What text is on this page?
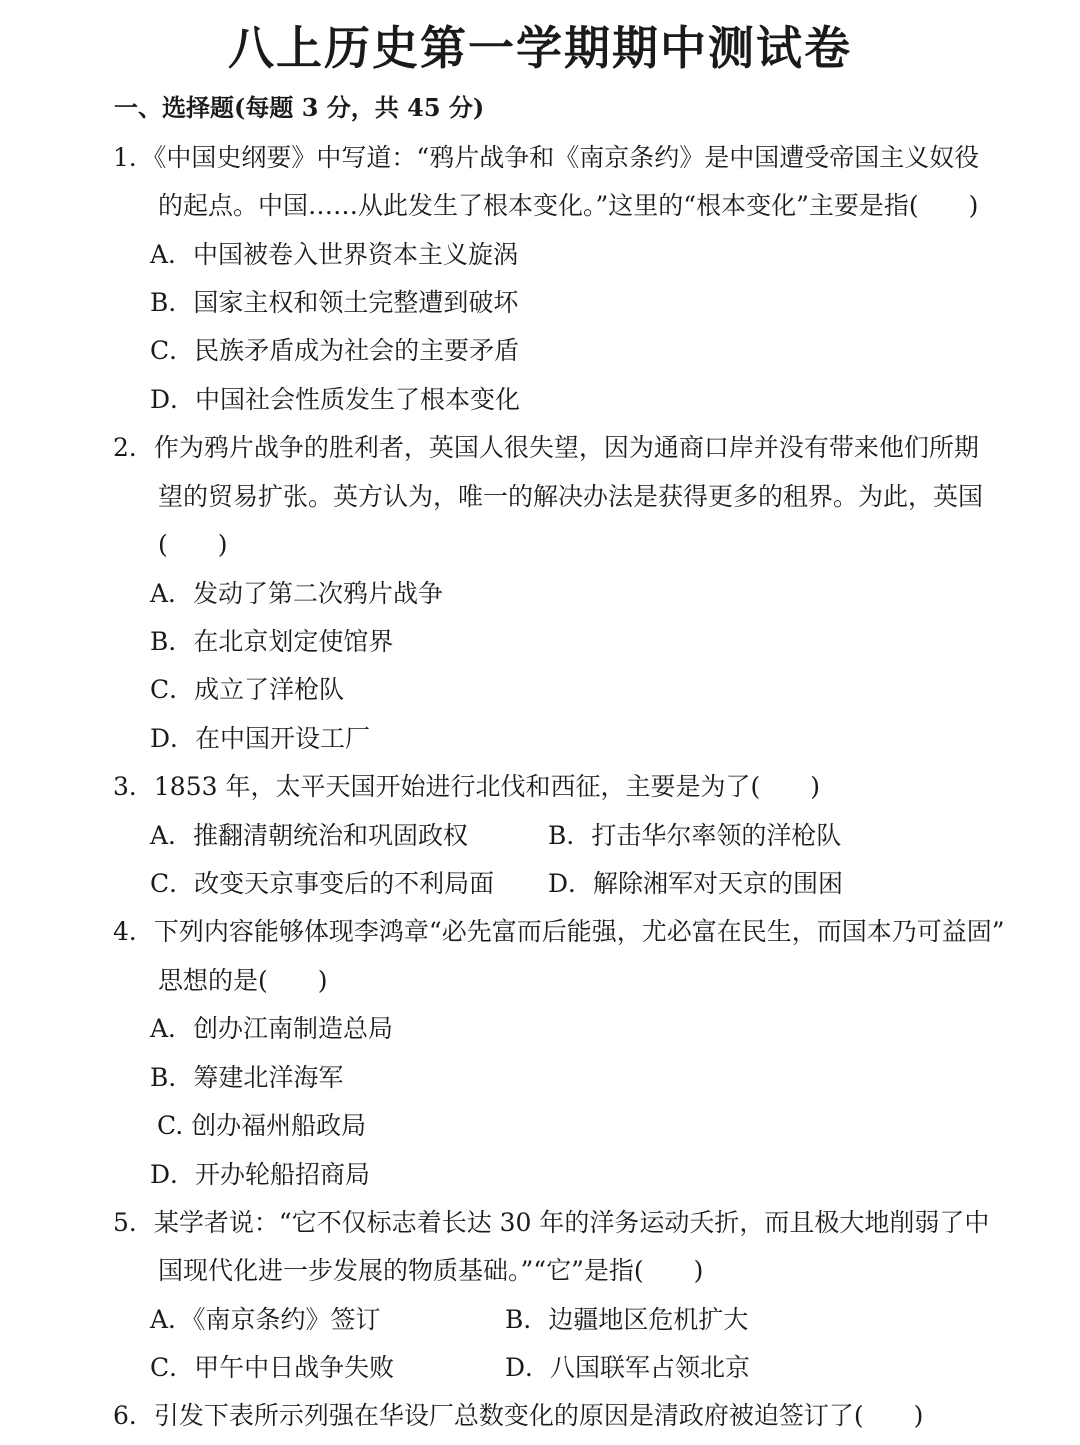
八上历史第一学期期中测试卷
一、选择题(每题 3 分，共 45 分)
1．《中国史纲要》中写道：“鸦片战争和《南京条约》是中国遭受帝国主义奴役
的起点。中国……从此发生了根本变化。”这里的“根本变化”主要是指(　　)
A．中国被卷入世界资本主义旋涡
B．国家主权和领土完整遭到破坏
C．民族矛盾成为社会的主要矛盾
D．中国社会性质发生了根本变化
2．作为鸦片战争的胜利者，英国人很失望，因为通商口岸并没有带来他们所期
望的贸易扩张。英方认为，唯一的解决办法是获得更多的租界。为此，英国
(　　)
A．发动了第二次鸦片战争
B．在北京划定使馆界
C．成立了洋枪队
D．在中国开设工厂
3．1853 年，太平天国开始进行北伐和西征，主要是为了(　　)
A．推翻清朝统治和巩固政权	B．打击华尔率领的洋枪队
C．改变天京事变后的不利局面 D．解除湘军对天京的围困
4．下列内容能够体现李鸿章“必先富而后能强，尤必富在民生，而国本乃可益固”
思想的是(　　)
A．创办江南制造总局
B．筹建北洋海军
C. 创办福州船政局
D．开办轮船招商局
5．某学者说：“它不仅标志着长达 30 年的洋务运动夭折，而且极大地削弱了中
国现代化进一步发展的物质基础。”“它”是指(　　)
A．《南京条约》签订	B．边疆地区危机扩大
C．甲午中日战争失败	D．八国联军占领北京
6．引发下表所示列强在华设厂总数变化的原因是清政府被迫签订了(　　)
